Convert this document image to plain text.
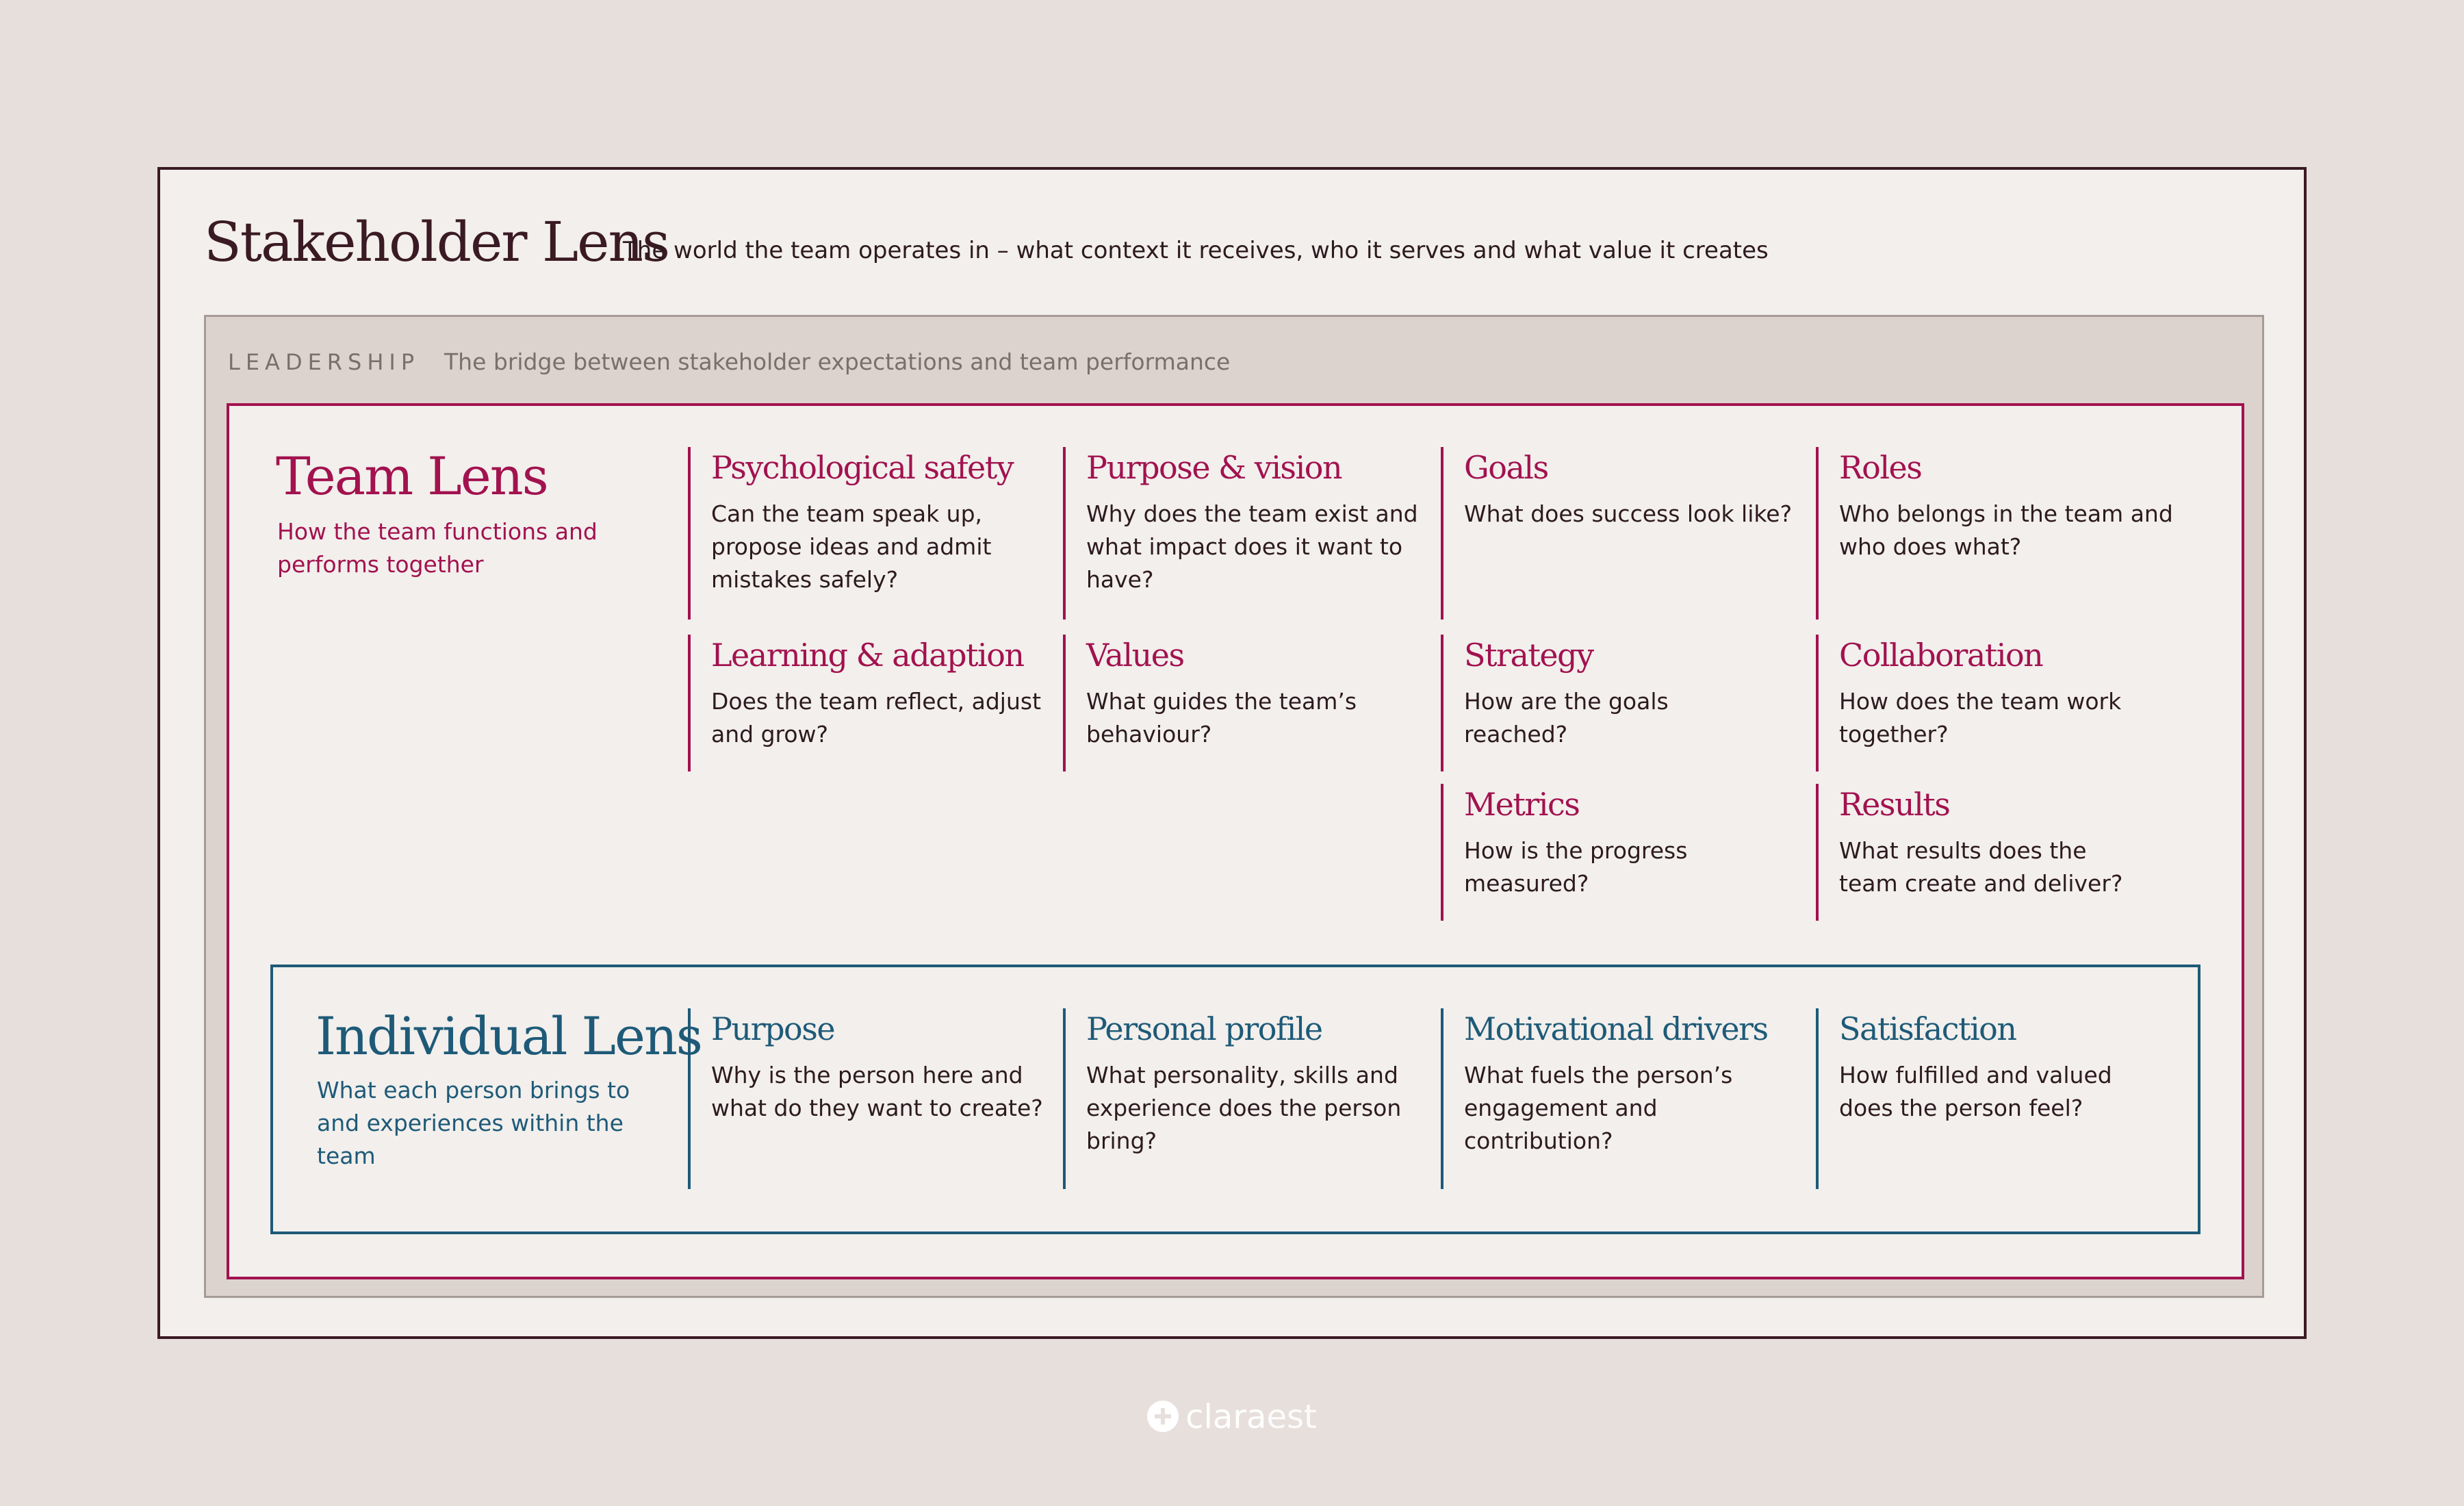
Stakeholder Lens
The world the team operates in – what context it receives, who it serves and what value it creates
LEADERSHIP The bridge between stakeholder expectations and team performance
Team Lens
How the team functions and performs together
Psychological safety
Can the team speak up, propose ideas and admit mistakes safely?
Purpose & vision
Why does the team exist and what impact does it want to have?
Goals
What does success look like?
Roles
Who belongs in the team and who does what?
Learning & adaption
Does the team reflect, adjust and grow?
Values
What guides the team’s behaviour?
Strategy
How are the goals reached?
Collaboration
How does the team work together?
Metrics
How is the progress measured?
Results
What results does the team create and deliver?
Individual Lens
What each person brings to and experiences within the team
Purpose
Why is the person here and what do they want to create?
Personal profile
What personality, skills and experience does the person bring?
Motivational drivers
What fuels the person’s engagement and contribution?
Satisfaction
How fulfilled and valued does the person feel?
claraest
